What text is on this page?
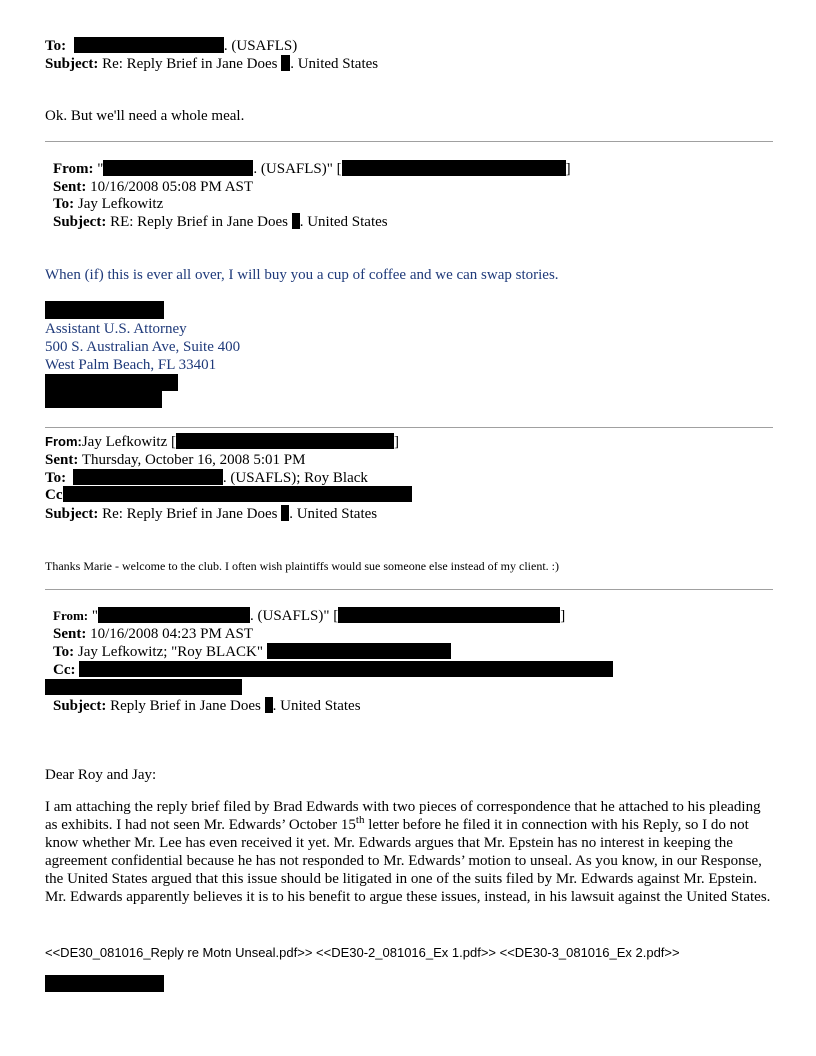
To:	. (USAFLS)
Subject: Re: Reply Brief in Jane Does . United States
Ok. But we'll need a whole meal.
From: "	. (USAFLS)" [	]
Sent: 10/16/2008 05:08 PM AST
To: Jay Lefkowitz
Subject: RE: Reply Brief in Jane Does . United States
When (if) this is ever all over, I will buy you a cup of coffee and we can swap stories.
Assistant U.S. Attorney
500 S. Australian Ave, Suite 400
West Palm Beach, FL 33401
From:Jay Lefkowitz [	]
Sent: Thursday, October 16, 2008 5:01 PM
To:	. (USAFLS); Roy Black
Cc
Subject: Re: Reply Brief in Jane Does . United States
Thanks Marie - welcome to the club. I often wish plaintiffs would sue someone else instead of my client. :)
From: "	. (USAFLS)" [	]
Sent: 10/16/2008 04:23 PM AST
To: Jay Lefkowitz; "Roy BLACK"
Cc:
Subject: Reply Brief in Jane Does . United States
Dear Roy and Jay:
I am attaching the reply brief filed by Brad Edwards with two pieces of correspondence that he attached to his pleading as exhibits. I had not seen Mr. Edwards’ October 15th letter before he filed it in connection with his Reply, so I do not know whether Mr. Lee has even received it yet. Mr. Edwards argues that Mr. Epstein has no interest in keeping the agreement confidential because he has not responded to Mr. Edwards’ motion to unseal. As you know, in our Response, the United States argued that this issue should be litigated in one of the suits filed by Mr. Edwards against Mr. Epstein. Mr. Edwards apparently believes it is to his benefit to argue these issues, instead, in his lawsuit against the United States.
<<DE30_081016_Reply re Motn Unseal.pdf>> <<DE30-2_081016_Ex 1.pdf>> <<DE30-3_081016_Ex 2.pdf>>
